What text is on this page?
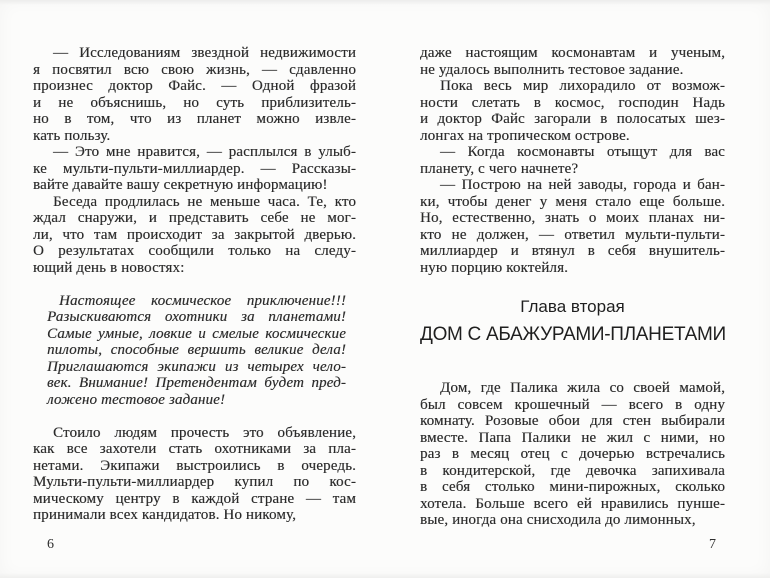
— Исследованиям звездной недвижимости
я посвятил всю свою жизнь, — сдавленно
произнес доктор Файс. — Одной фразой
и не объяснишь, но суть приблизитель-
но в том, что из планет можно извле-
кать пользу.
— Это мне нравится, — расплылся в улыб-
ке мульти-пульти-миллиардер. — Рассказы-
вайте давайте вашу секретную информацию!
Беседа продлилась не меньше часа. Те, кто
ждал снаружи, и представить себе не мог-
ли, что там происходит за закрытой дверью.
О результатах сообщили только на следу-
ющий день в новостях:
Настоящее космическое приключение!!!
Разыскиваются охотники за планетами!
Самые умные, ловкие и смелые космические
пилоты, способные вершить великие дела!
Приглашаются экипажи из четырех чело-
век. Внимание! Претендентам будет пред-
ложено тестовое задание!
Стоило людям прочесть это объявление,
как все захотели стать охотниками за пла-
нетами. Экипажи выстроились в очередь.
Мульти-пульти-миллиардер купил по кос-
мическому центру в каждой стране — там
принимали всех кандидатов. Но никому,
даже настоящим космонавтам и ученым,
не удалось выполнить тестовое задание.
Пока весь мир лихорадило от возмож-
ности слетать в космос, господин Надь
и доктор Файс загорали в полосатых шез-
лонгах на тропическом острове.
— Когда космонавты отыщут для вас
планету, с чего начнете?
— Построю на ней заводы, города и бан-
ки, чтобы денег у меня стало еще больше.
Но, естественно, знать о моих планах ни-
кто не должен, — ответил мульти-пульти-
миллиардер и втянул в себя внушитель-
ную порцию коктейля.
Глава вторая
ДОМ С АБАЖУРАМИ-ПЛАНЕТАМИ
Дом, где Палика жила со своей мамой,
был совсем крошечный — всего в одну
комнату. Розовые обои для стен выбирали
вместе. Папа Палики не жил с ними, но
раз в месяц отец с дочерью встречались
в кондитерской, где девочка запихивала
в себя столько мини-пирожных, сколько
хотела. Больше всего ей нравились пунше-
вые, иногда она снисходила до лимонных,
6	7
